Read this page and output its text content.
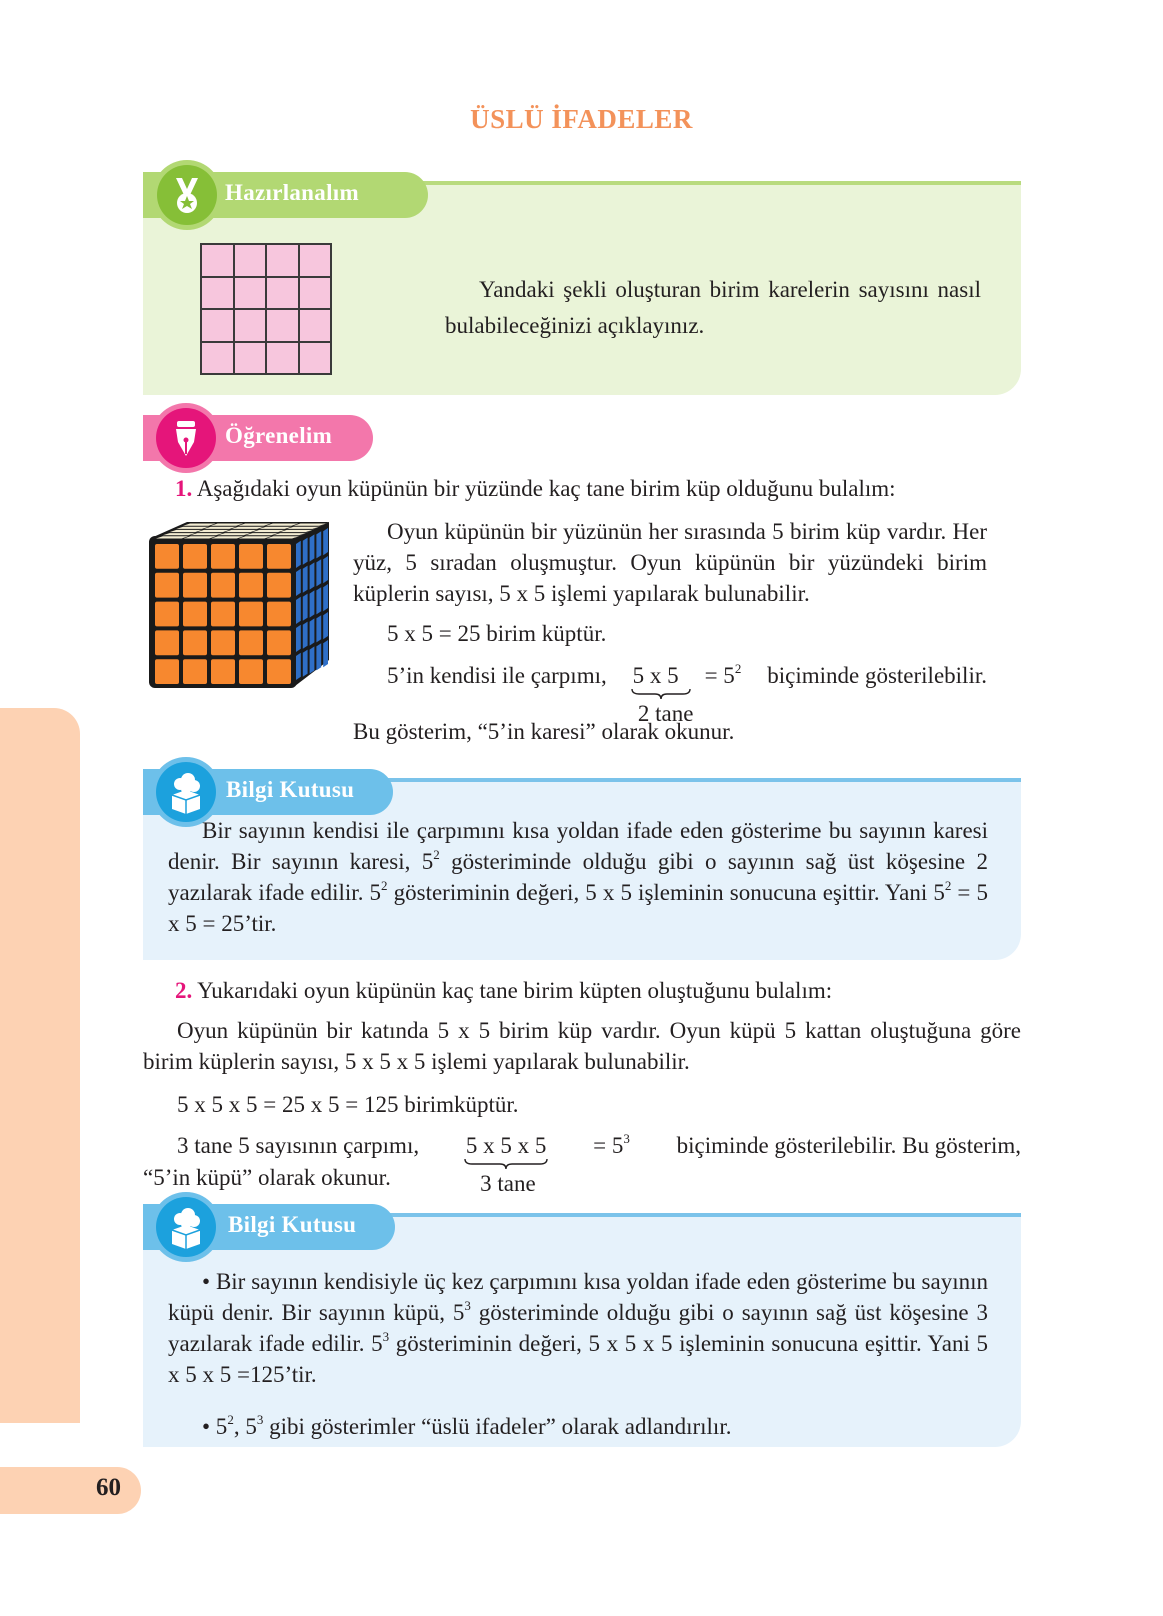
ÜSLÜ İFADELER
60
Hazırlanalım
Yandaki şekli oluşturan birim karelerin sayısını nasıl bulabileceğinizi açıklayınız.
Öğrenelim
1. Aşağıdaki oyun küpünün bir yüzünde kaç tane birim küp olduğunu bulalım:
Oyun küpünün bir yüzünün her sırasında 5 birim küp vardır. Her yüz, 5 sıradan oluşmuştur. Oyun küpünün bir yüzündeki birim küplerin sayısı, 5 x 5 işlemi yapılarak bulunabilir.
5 x 5 = 25 birim küptür.
5’in kendisi ile çarpımı, 5 x 5
2 tane
= $5^2$ biçiminde gösterilebilir.
Bu gösterim, “5’in karesi” olarak okunur.
Bilgi Kutusu
Bir sayının kendisi ile çarpımını kısa yoldan ifade eden gösterime bu sayının karesi denir. Bir sayının karesi, $5^2$ gösteriminde olduğu gibi o sayının sağ üst köşesine 2 yazılarak ifade edilir. $5^2$ gösteriminin değeri, 5 x 5 işleminin sonucuna eşittir. Yani $5^2 = 5$ x 5 = 25’tir.
2. Yukarıdaki oyun küpünün kaç tane birim küpten oluştuğunu bulalım:
Oyun küpünün bir katında 5 x 5 birim küp vardır. Oyun küpü 5 kattan oluştuğuna göre birim küplerin sayısı, 5 x 5 x 5 işlemi yapılarak bulunabilir.
5 x 5 x 5 = 25 x 5 = 125 birimküptür.
3 tane 5 sayısının çarpımı, 5 x 5 x 5
3 tane
= $5^3$ biçiminde gösterilebilir. Bu gösterim,
“5’in küpü” olarak okunur.
Bilgi Kutusu
• Bir sayının kendisiyle üç kez çarpımını kısa yoldan ifade eden gösterime bu sayının küpü denir. Bir sayının küpü, $5^3$ gösteriminde olduğu gibi o sayının sağ üst köşesine 3 yazılarak ifade edilir. $5^3$ gösteriminin değeri, 5 x 5 x 5 işleminin sonucuna eşittir. Yani 5 x 5 x 5 =125’tir.
• $5^2$, $5^3$ gibi gösterimler “üslü ifadeler” olarak adlandırılır.
